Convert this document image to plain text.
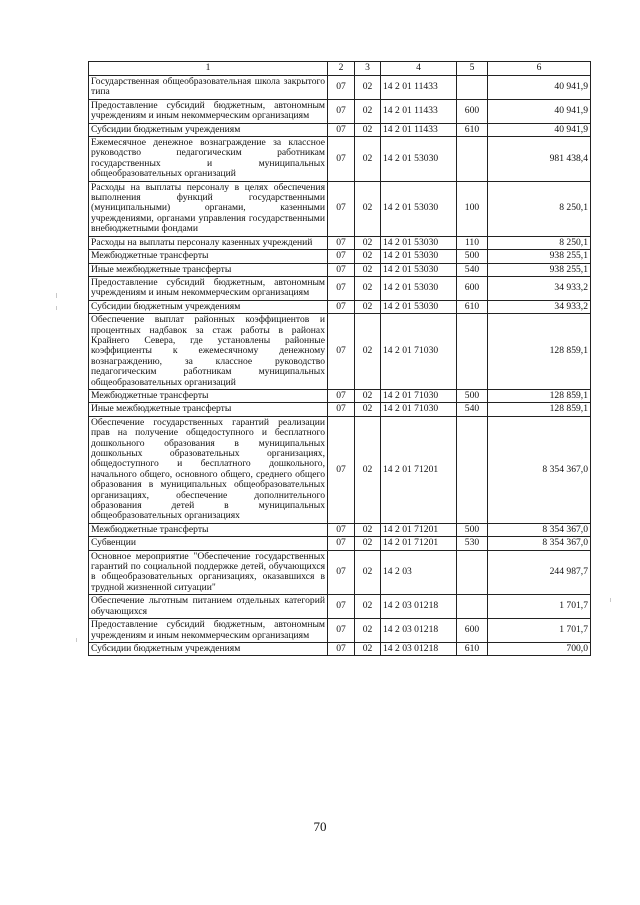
1	2	3	4	5	6
Государственная общеобразовательная школа закрытого типа	07	02	14 2 01 11433		40 941,9
Предоставление субсидий бюджетным, автономным учреждениям и иным некоммерческим организациям	07	02	14 2 01 11433	600	40 941,9
Субсидии бюджетным учреждениям	07	02	14 2 01 11433	610	40 941,9
Ежемесячное денежное вознаграждение за классное руководство педагогическим работникам государственных и муниципальных общеобразовательных организаций	07	02	14 2 01 53030		981 438,4
Расходы на выплаты персоналу в целях обеспечения выполнения функций государственными (муниципальными) органами, казенными учреждениями, органами управления государственными внебюджетными фондами	07	02	14 2 01 53030	100	8 250,1
Расходы на выплаты персоналу казенных учреждений	07	02	14 2 01 53030	110	8 250,1
Межбюджетные трансферты	07	02	14 2 01 53030	500	938 255,1
Иные межбюджетные трансферты	07	02	14 2 01 53030	540	938 255,1
Предоставление субсидий бюджетным, автономным учреждениям и иным некоммерческим организациям	07	02	14 2 01 53030	600	34 933,2
Субсидии бюджетным учреждениям	07	02	14 2 01 53030	610	34 933,2
Обеспечение выплат районных коэффициентов и процентных надбавок за стаж работы в районах Крайнего Севера, где установлены районные коэффициенты к ежемесячному денежному вознаграждению, за классное руководство педагогическим работникам муниципальных общеобразовательных организаций	07	02	14 2 01 71030		128 859,1
Межбюджетные трансферты	07	02	14 2 01 71030	500	128 859,1
Иные межбюджетные трансферты	07	02	14 2 01 71030	540	128 859,1
Обеспечение государственных гарантий реализации прав на получение общедоступного и бесплатного дошкольного образования в муниципальных дошкольных образовательных организациях, общедоступного и бесплатного дошкольного, начального общего, основного общего, среднего общего образования в муниципальных общеобразовательных организациях, обеспечение дополнительного образования детей в муниципальных общеобразовательных организациях	07	02	14 2 01 71201		8 354 367,0
Межбюджетные трансферты	07	02	14 2 01 71201	500	8 354 367,0
Субвенции	07	02	14 2 01 71201	530	8 354 367,0
Основное мероприятие "Обеспечение государственных гарантий по социальной поддержке детей, обучающихся в общеобразовательных организациях, оказавшихся в трудной жизненной ситуации"	07	02	14 2 03		244 987,7
Обеспечение льготным питанием отдельных категорий обучающихся	07	02	14 2 03 01218		1 701,7
Предоставление субсидий бюджетным, автономным учреждениям и иным некоммерческим организациям	07	02	14 2 03 01218	600	1 701,7
Субсидии бюджетным учреждениям	07	02	14 2 03 01218	610	700,0
70
